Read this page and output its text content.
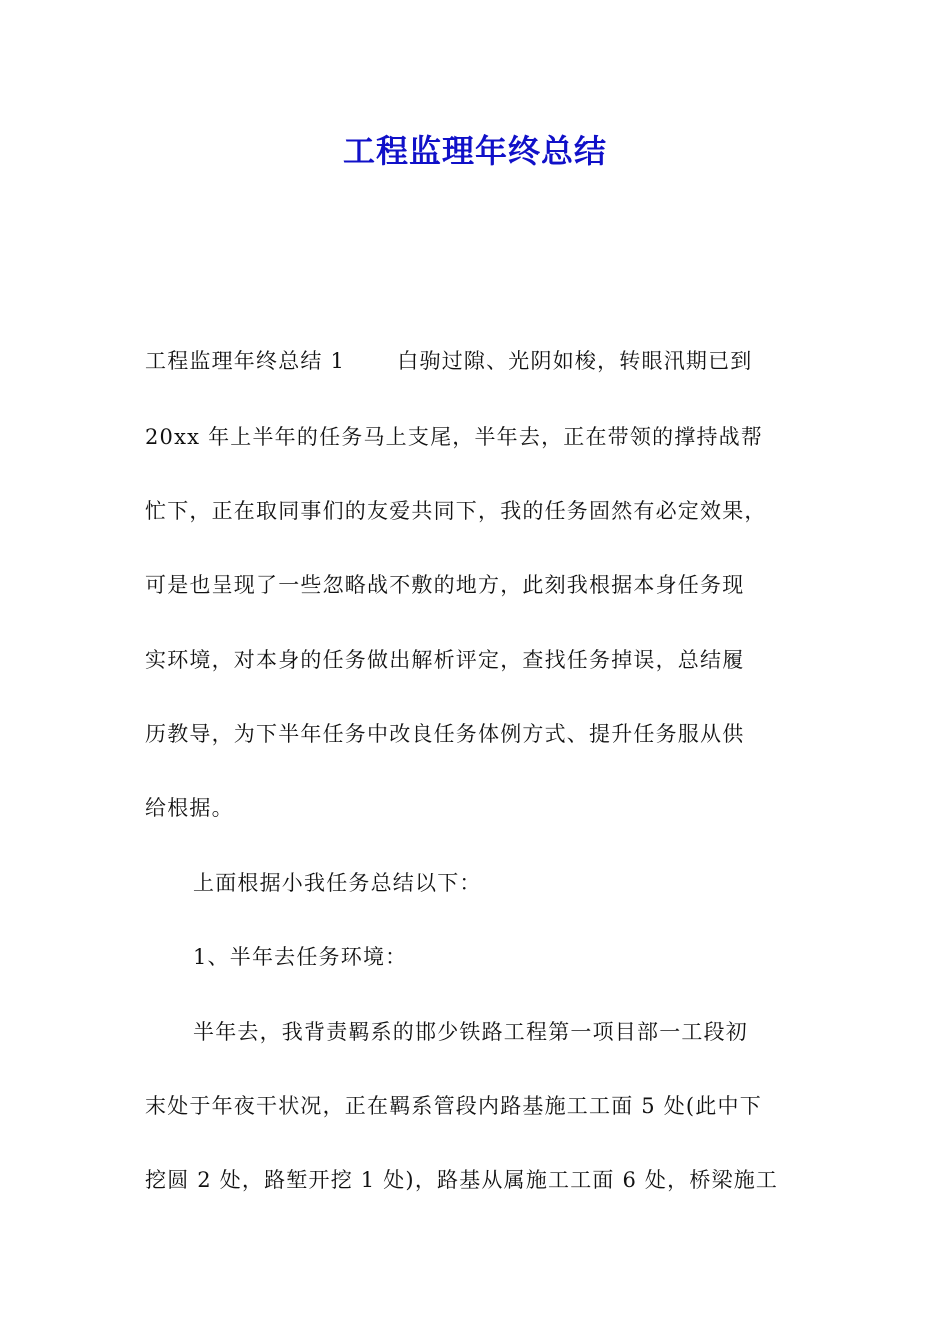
工程监理年终总结
工程监理年终总结 1　　 白驹过隙、光阴如梭，转眼汛期已到
20xx 年上半年的任务马上支尾，半年去，正在带领的撑持战帮
忙下，正在取同事们的友爱共同下，我的任务固然有必定效果，
可是也呈现了一些忽略战不敷的地方，此刻我根据本身任务现
实环境，对本身的任务做出解析评定，查找任务掉误，总结履
历教导，为下半年任务中改良任务体例方式、提升任务服从供
给根据。
上面根据小我任务总结以下：
1、半年去任务环境：
半年去，我背责羁系的邯少铁路工程第一项目部一工段初
末处于年夜干状况，正在羁系管段内路基施工工面 5 处(此中下
挖圆 2 处，路堑开挖 1 处)，路基从属施工工面 6 处，桥梁施工
